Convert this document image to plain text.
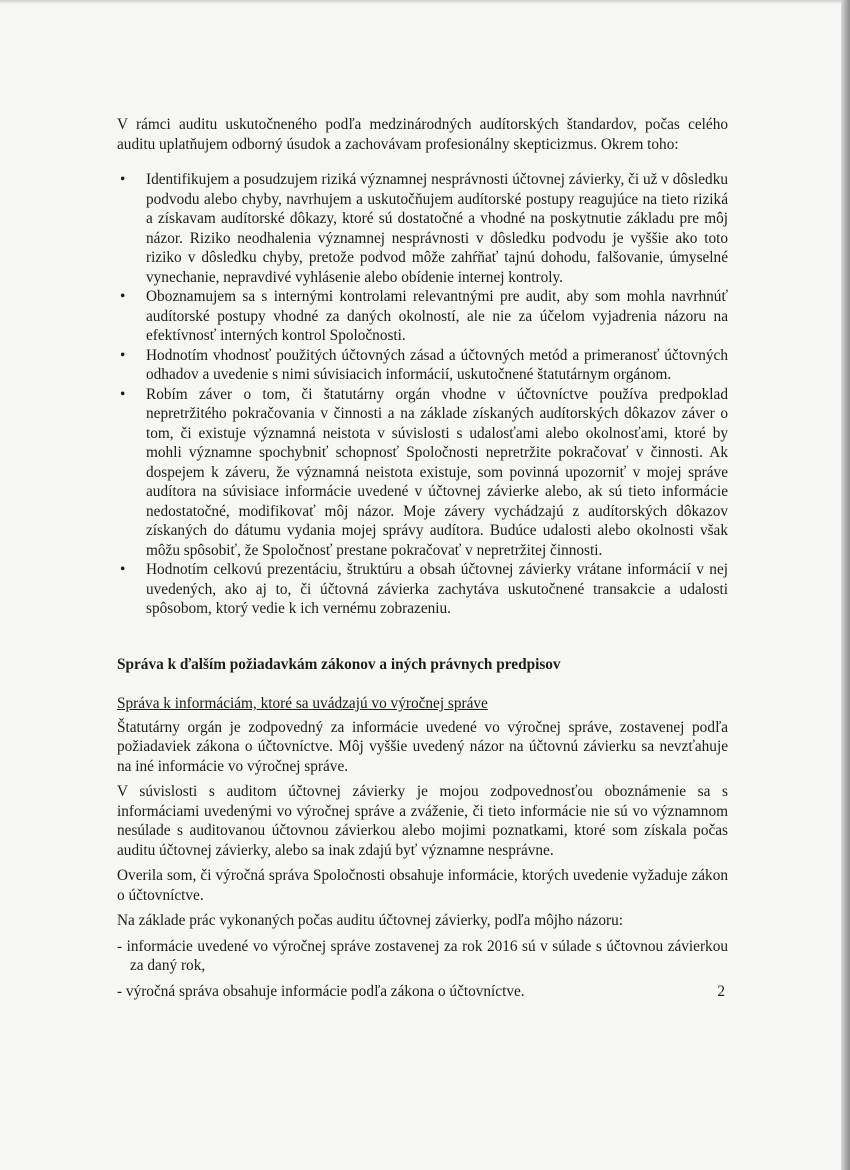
V rámci auditu uskutočneného podľa medzinárodných audítorských štandardov, počas celého auditu uplatňujem odborný úsudok a zachovávam profesionálny skepticizmus. Okrem toho:

• Identifikujem a posudzujem riziká významnej nesprávnosti účtovnej závierky, či už v dôsledku podvodu alebo chyby, navrhujem a uskutočňujem audítorské postupy reagujúce na tieto riziká a získavam audítorské dôkazy, ktoré sú dostatočné a vhodné na poskytnutie základu pre môj názor. Riziko neodhalenia významnej nesprávnosti v dôsledku podvodu je vyššie ako toto riziko v dôsledku chyby, pretože podvod môže zahŕňať tajnú dohodu, falšovanie, úmyselné vynechanie, nepravdivé vyhlásenie alebo obídenie internej kontroly.
• Oboznamujem sa s internými kontrolami relevantnými pre audit, aby som mohla navrhnúť audítorské postupy vhodné za daných okolností, ale nie za účelom vyjadrenia názoru na efektívnosť interných kontrol Spoločnosti.
• Hodnotím vhodnosť použitých účtovných zásad a účtovných metód a primeranosť účtovných odhadov a uvedenie s nimi súvisiacich informácií, uskutočnené štatutárnym orgánom.
• Robím záver o tom, či štatutárny orgán vhodne v účtovníctve používa predpoklad nepretržitého pokračovania v činnosti a na základe získaných audítorských dôkazov záver o tom, či existuje významná neistota v súvislosti s udalosťami alebo okolnosťami, ktoré by mohli významne spochybniť schopnosť Spoločnosti nepretržite pokračovať v činnosti. Ak dospejem k záveru, že významná neistota existuje, som povinná upozorniť v mojej správe audítora na súvisiace informácie uvedené v účtovnej závierke alebo, ak sú tieto informácie nedostatočné, modifikovať môj názor. Moje závery vychádzajú z audítorských dôkazov získaných do dátumu vydania mojej správy audítora. Budúce udalosti alebo okolnosti však môžu spôsobiť, že Spoločnosť prestane pokračovať v nepretržitej činnosti.
• Hodnotím celkovú prezentáciu, štruktúru a obsah účtovnej závierky vrátane informácií v nej uvedených, ako aj to, či účtovná závierka zachytáva uskutočnené transakcie a udalosti spôsobom, ktorý vedie k ich vernému zobrazeniu.

Správa k ďalším požiadavkám zákonov a iných právnych predpisov

Správa k informáciám, ktoré sa uvádzajú vo výročnej správe

Štatutárny orgán je zodpovedný za informácie uvedené vo výročnej správe, zostavenej podľa požiadaviek zákona o účtovníctve. Môj vyššie uvedený názor na účtovnú závierku sa nevzťahuje na iné informácie vo výročnej správe.

V súvislosti s auditom účtovnej závierky je mojou zodpovednosťou oboznámenie sa s informáciami uvedenými vo výročnej správe a zváženie, či tieto informácie nie sú vo významnom nesúlade s auditovanou účtovnou závierkou alebo mojimi poznatkami, ktoré som získala počas auditu účtovnej závierky, alebo sa inak zdajú byť významne nesprávne.

Overila som, či výročná správa Spoločnosti obsahuje informácie, ktorých uvedenie vyžaduje zákon o účtovníctve.

Na základe prác vykonaných počas auditu účtovnej závierky, podľa môjho názoru:

- informácie uvedené vo výročnej správe zostavenej za rok 2016 sú v súlade s účtovnou závierkou za daný rok,
- výročná správa obsahuje informácie podľa zákona o účtovníctve.	2
